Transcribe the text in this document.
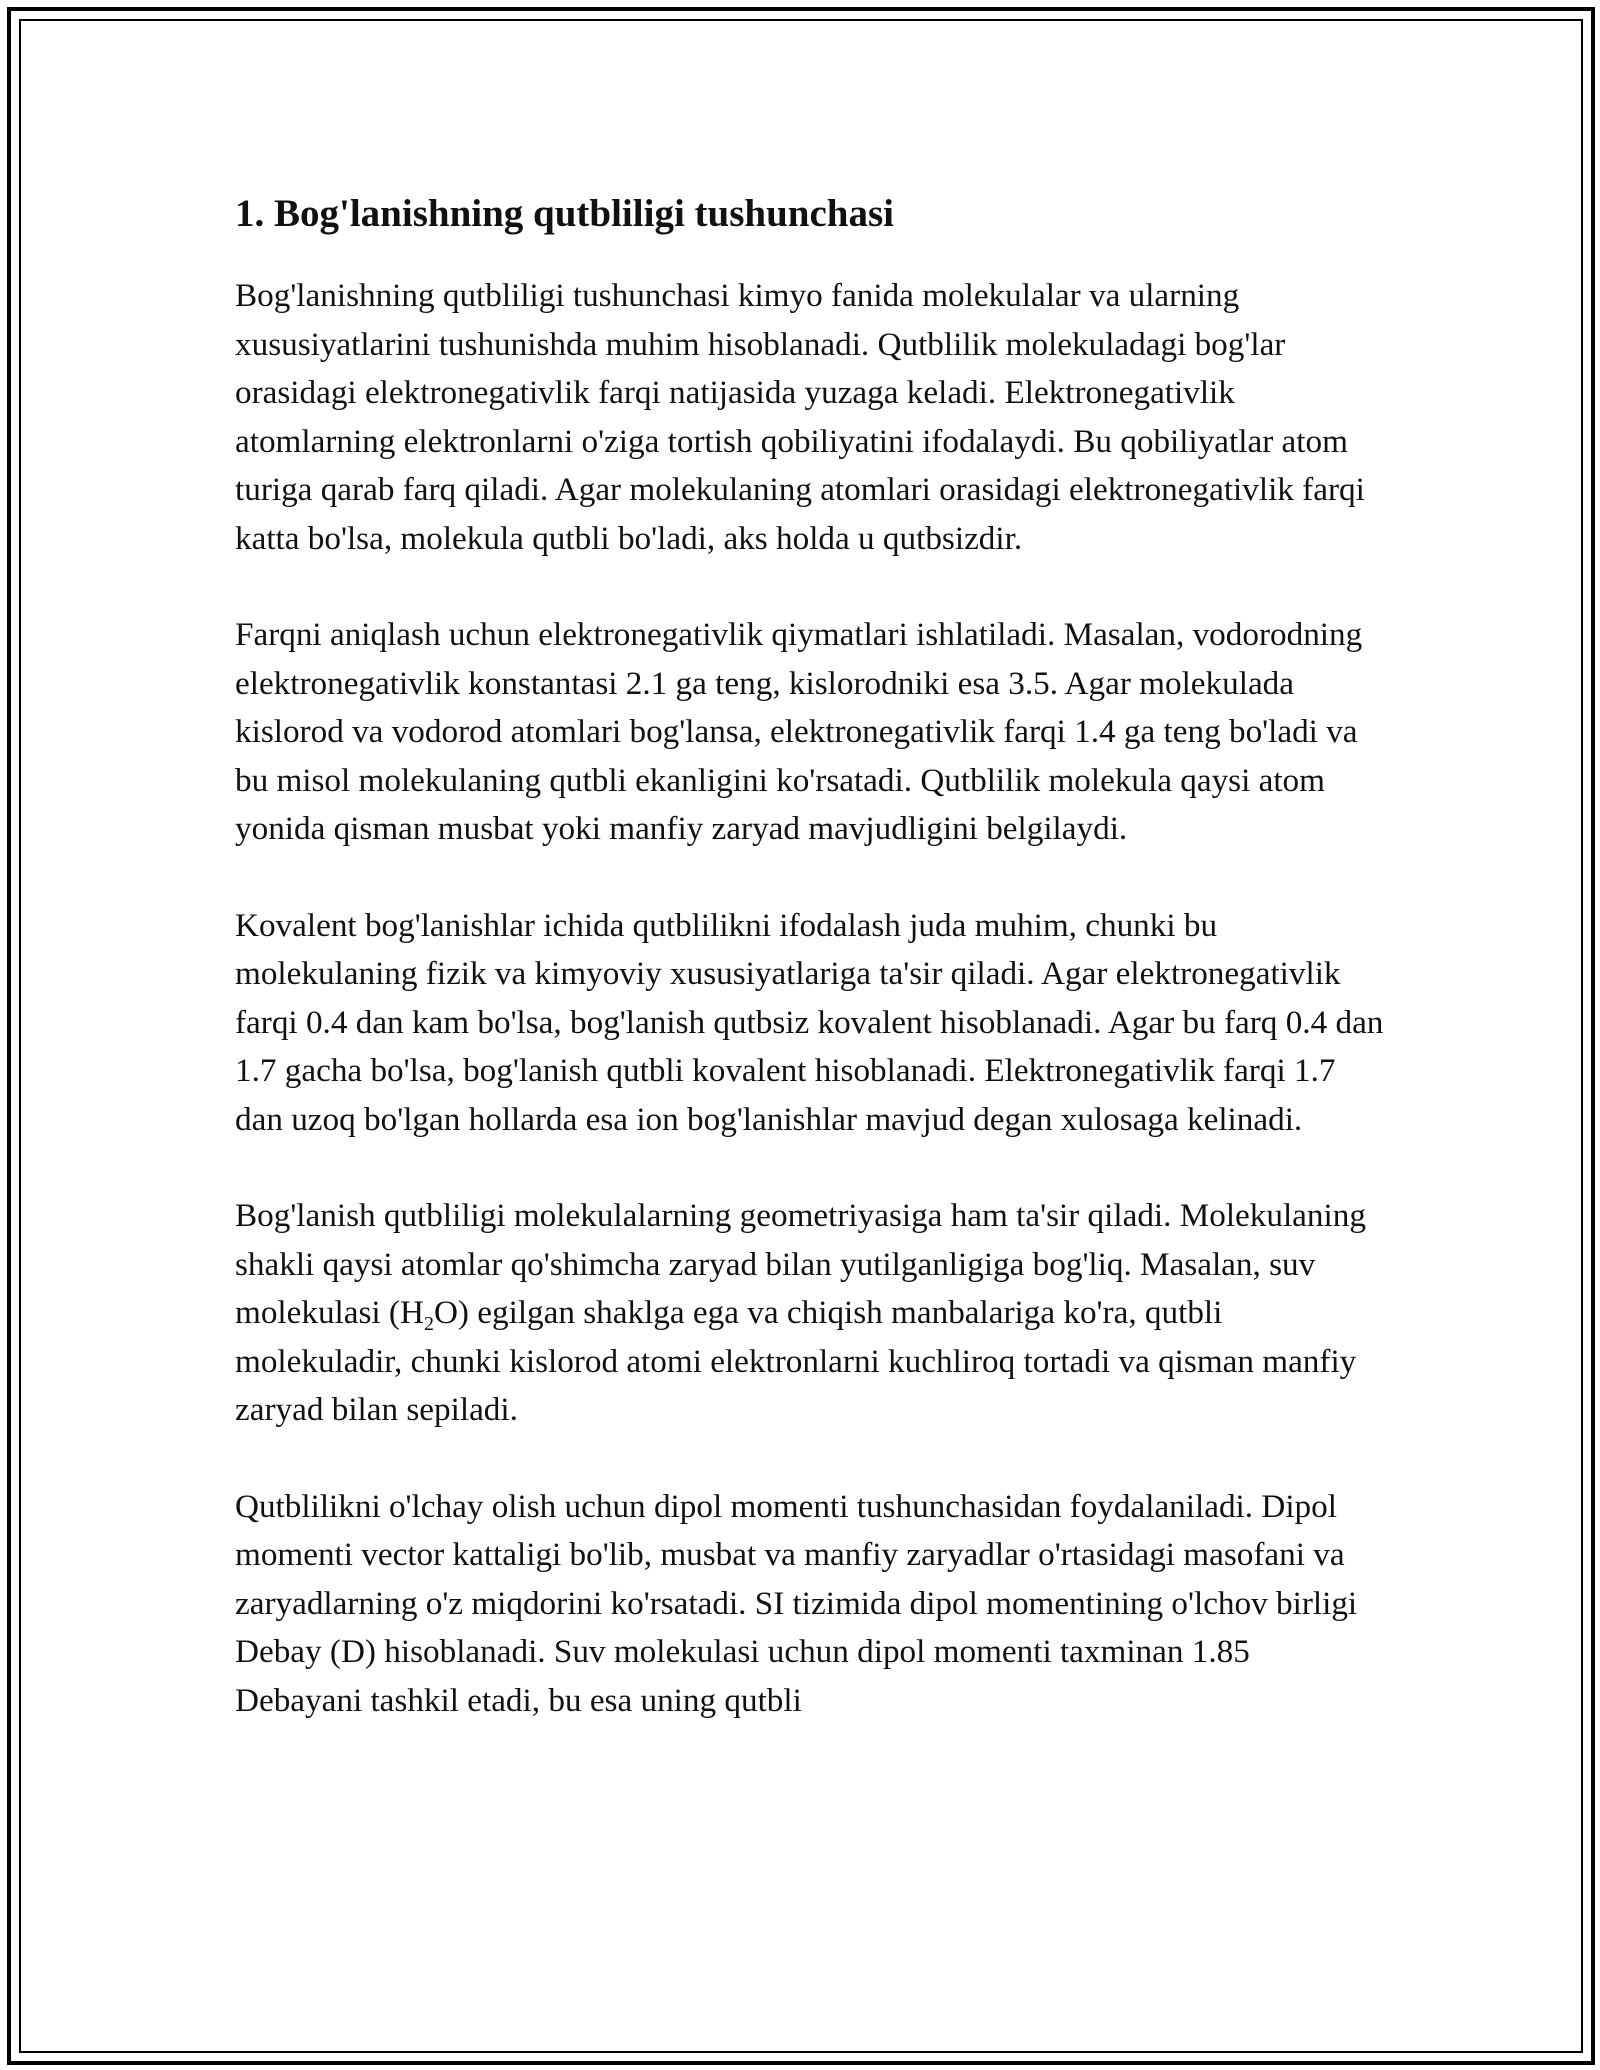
1. Bog'lanishning qutbliligi tushunchasi

Bog'lanishning qutbliligi tushunchasi kimyo fanida molekulalar va ularning xususiyatlarini tushunishda muhim hisoblanadi. Qutblilik molekuladagi bog'lar orasidagi elektronegativlik farqi natijasida yuzaga keladi. Elektronegativlik atomlarning elektronlarni o'ziga tortish qobiliyatini ifodalaydi. Bu qobiliyatlar atom turiga qarab farq qiladi. Agar molekulaning atomlari orasidagi elektronegativlik farqi katta bo'lsa, molekula qutbli bo'ladi, aks holda u qutbsizdir.

Farqni aniqlash uchun elektronegativlik qiymatlari ishlatiladi. Masalan, vodorodning elektronegativlik konstantasi 2.1 ga teng, kislorodniki esa 3.5. Agar molekulada kislorod va vodorod atomlari bog'lansa, elektronegativlik farqi 1.4 ga teng bo'ladi va bu misol molekulaning qutbli ekanligini ko'rsatadi. Qutblilik molekula qaysi atom yonida qisman musbat yoki manfiy zaryad mavjudligini belgilaydi.

Kovalent bog'lanishlar ichida qutblilikni ifodalash juda muhim, chunki bu molekulaning fizik va kimyoviy xususiyatlariga ta'sir qiladi. Agar elektronegativlik farqi 0.4 dan kam bo'lsa, bog'lanish qutbsiz kovalent hisoblanadi. Agar bu farq 0.4 dan 1.7 gacha bo'lsa, bog'lanish qutbli kovalent hisoblanadi. Elektronegativlik farqi 1.7 dan uzoq bo'lgan hollarda esa ion bog'lanishlar mavjud degan xulosaga kelinadi.

Bog'lanish qutbliligi molekulalarning geometriyasiga ham ta'sir qiladi. Molekulaning shakli qaysi atomlar qo'shimcha zaryad bilan yutilganligiga bog'liq. Masalan, suv molekulasi $(H_2O)$ egilgan shaklga ega va chiqish manbalariga ko'ra, qutbli molekuladir, chunki kislorod atomi elektronlarni kuchliroq tortadi va qisman manfiy zaryad bilan sepiladi.

Qutblilikni o'lchay olish uchun dipol momenti tushunchasidan foydalaniladi. Dipol momenti vector kattaligi bo'lib, musbat va manfiy zaryadlar o'rtasidagi masofani va zaryadlarning o'z miqdorini ko'rsatadi. SI tizimida dipol momentining o'lchov birligi Debay (D) hisoblanadi. Suv molekulasi uchun dipol momenti taxminan 1.85 Debayani tashkil etadi, bu esa uning qutbli
